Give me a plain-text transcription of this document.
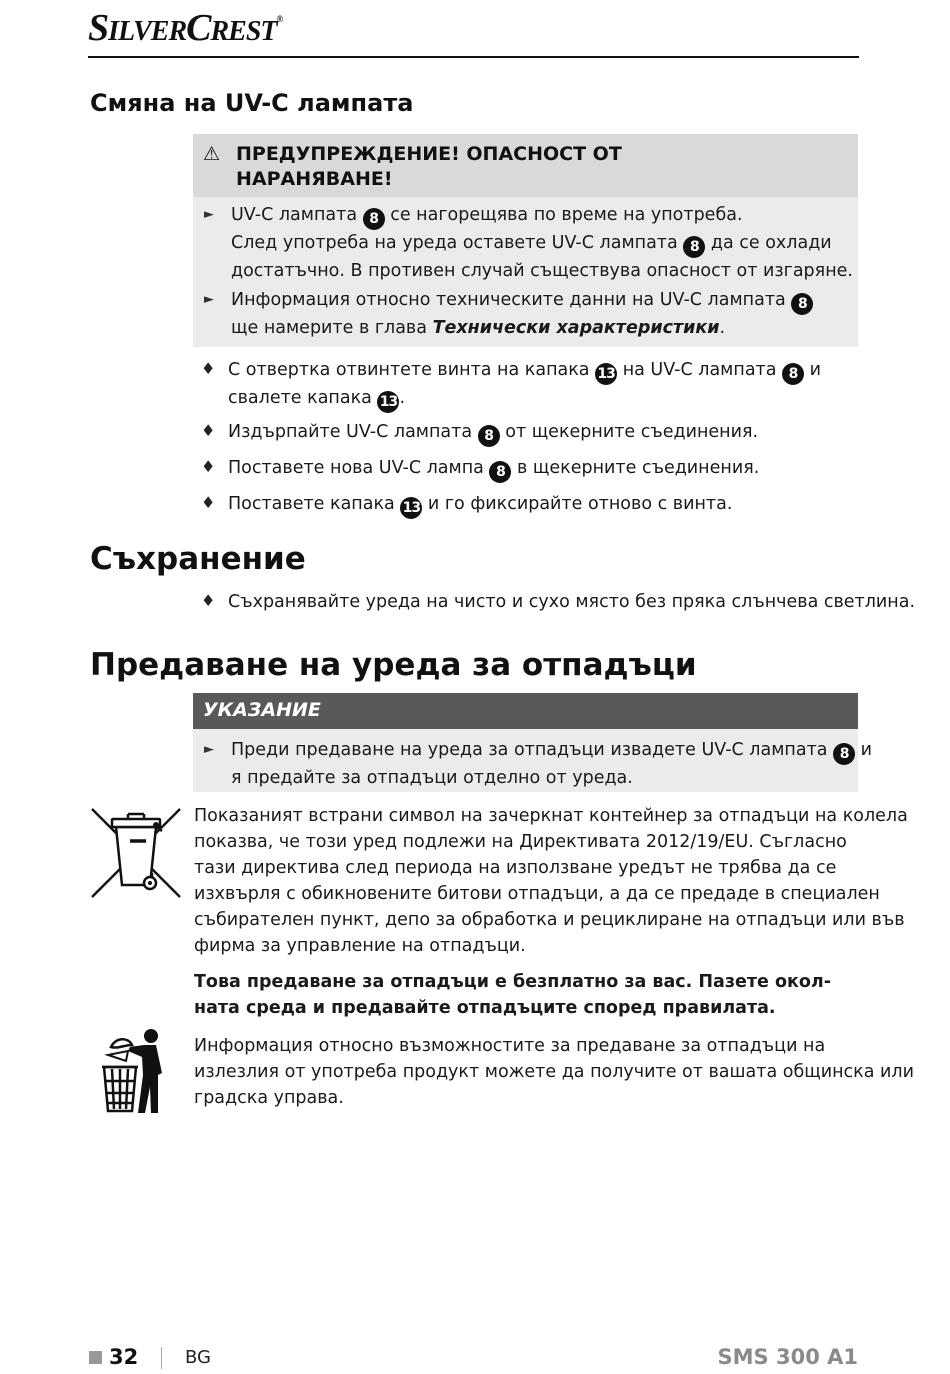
SILVERCREST®
Смяна на UV-C лампата
⚠ ПРЕДУПРЕЖДЕНИЕ! ОПАСНОСТ ОТ
НАРАНЯВАНЕ!
► UV-C лампата 8 се нагорещява по време на употреба.
След употреба на уреда оставете UV-C лампата 8 да се охлади
достатъчно. В противен случай съществува опасност от изгаряне.
► Информация относно техническите данни на UV-C лампата 8
ще намерите в глава Технически характеристики.
♦ С отвертка отвинтете винта на капака 13 на UV-C лампата 8 и
свалете капака 13 .
♦ Издърпайте UV-C лампата 8 от щекерните съединения.
♦ Поставете нова UV-C лампа 8 в щекерните съединения.
♦ Поставете капака 13 и го фиксирайте отново с винта.
Съхранение
♦ Съхранявайте уреда на чисто и сухо място без пряка слънчева светлина.
Предаване на уреда за отпадъци
УКАЗАНИЕ
► Преди предаване на уреда за отпадъци извадете UV-C лампата 8 и
я предайте за отпадъци отделно от уреда.
Показаният встрани символ на зачеркнат контейнер за отпадъци на колела
показва, че този уред подлежи на Директивата 2012/19/EU. Съгласно
тази директива след периода на използване уредът не трябва да се
изхвърля с обикновените битови отпадъци, а да се предаде в специален
събирателен пункт, депо за обработка и рециклиране на отпадъци или във
фирма за управление на отпадъци.
Това предаване за отпадъци е безплатно за вас. Пазете окол-
ната среда и предавайте отпадъците според правилата.
Информация относно възможностите за предаване за отпадъци на
излезлия от употреба продукт можете да получите от вашата общинска или
градска управа.
32	BG	SMS 300 A1
